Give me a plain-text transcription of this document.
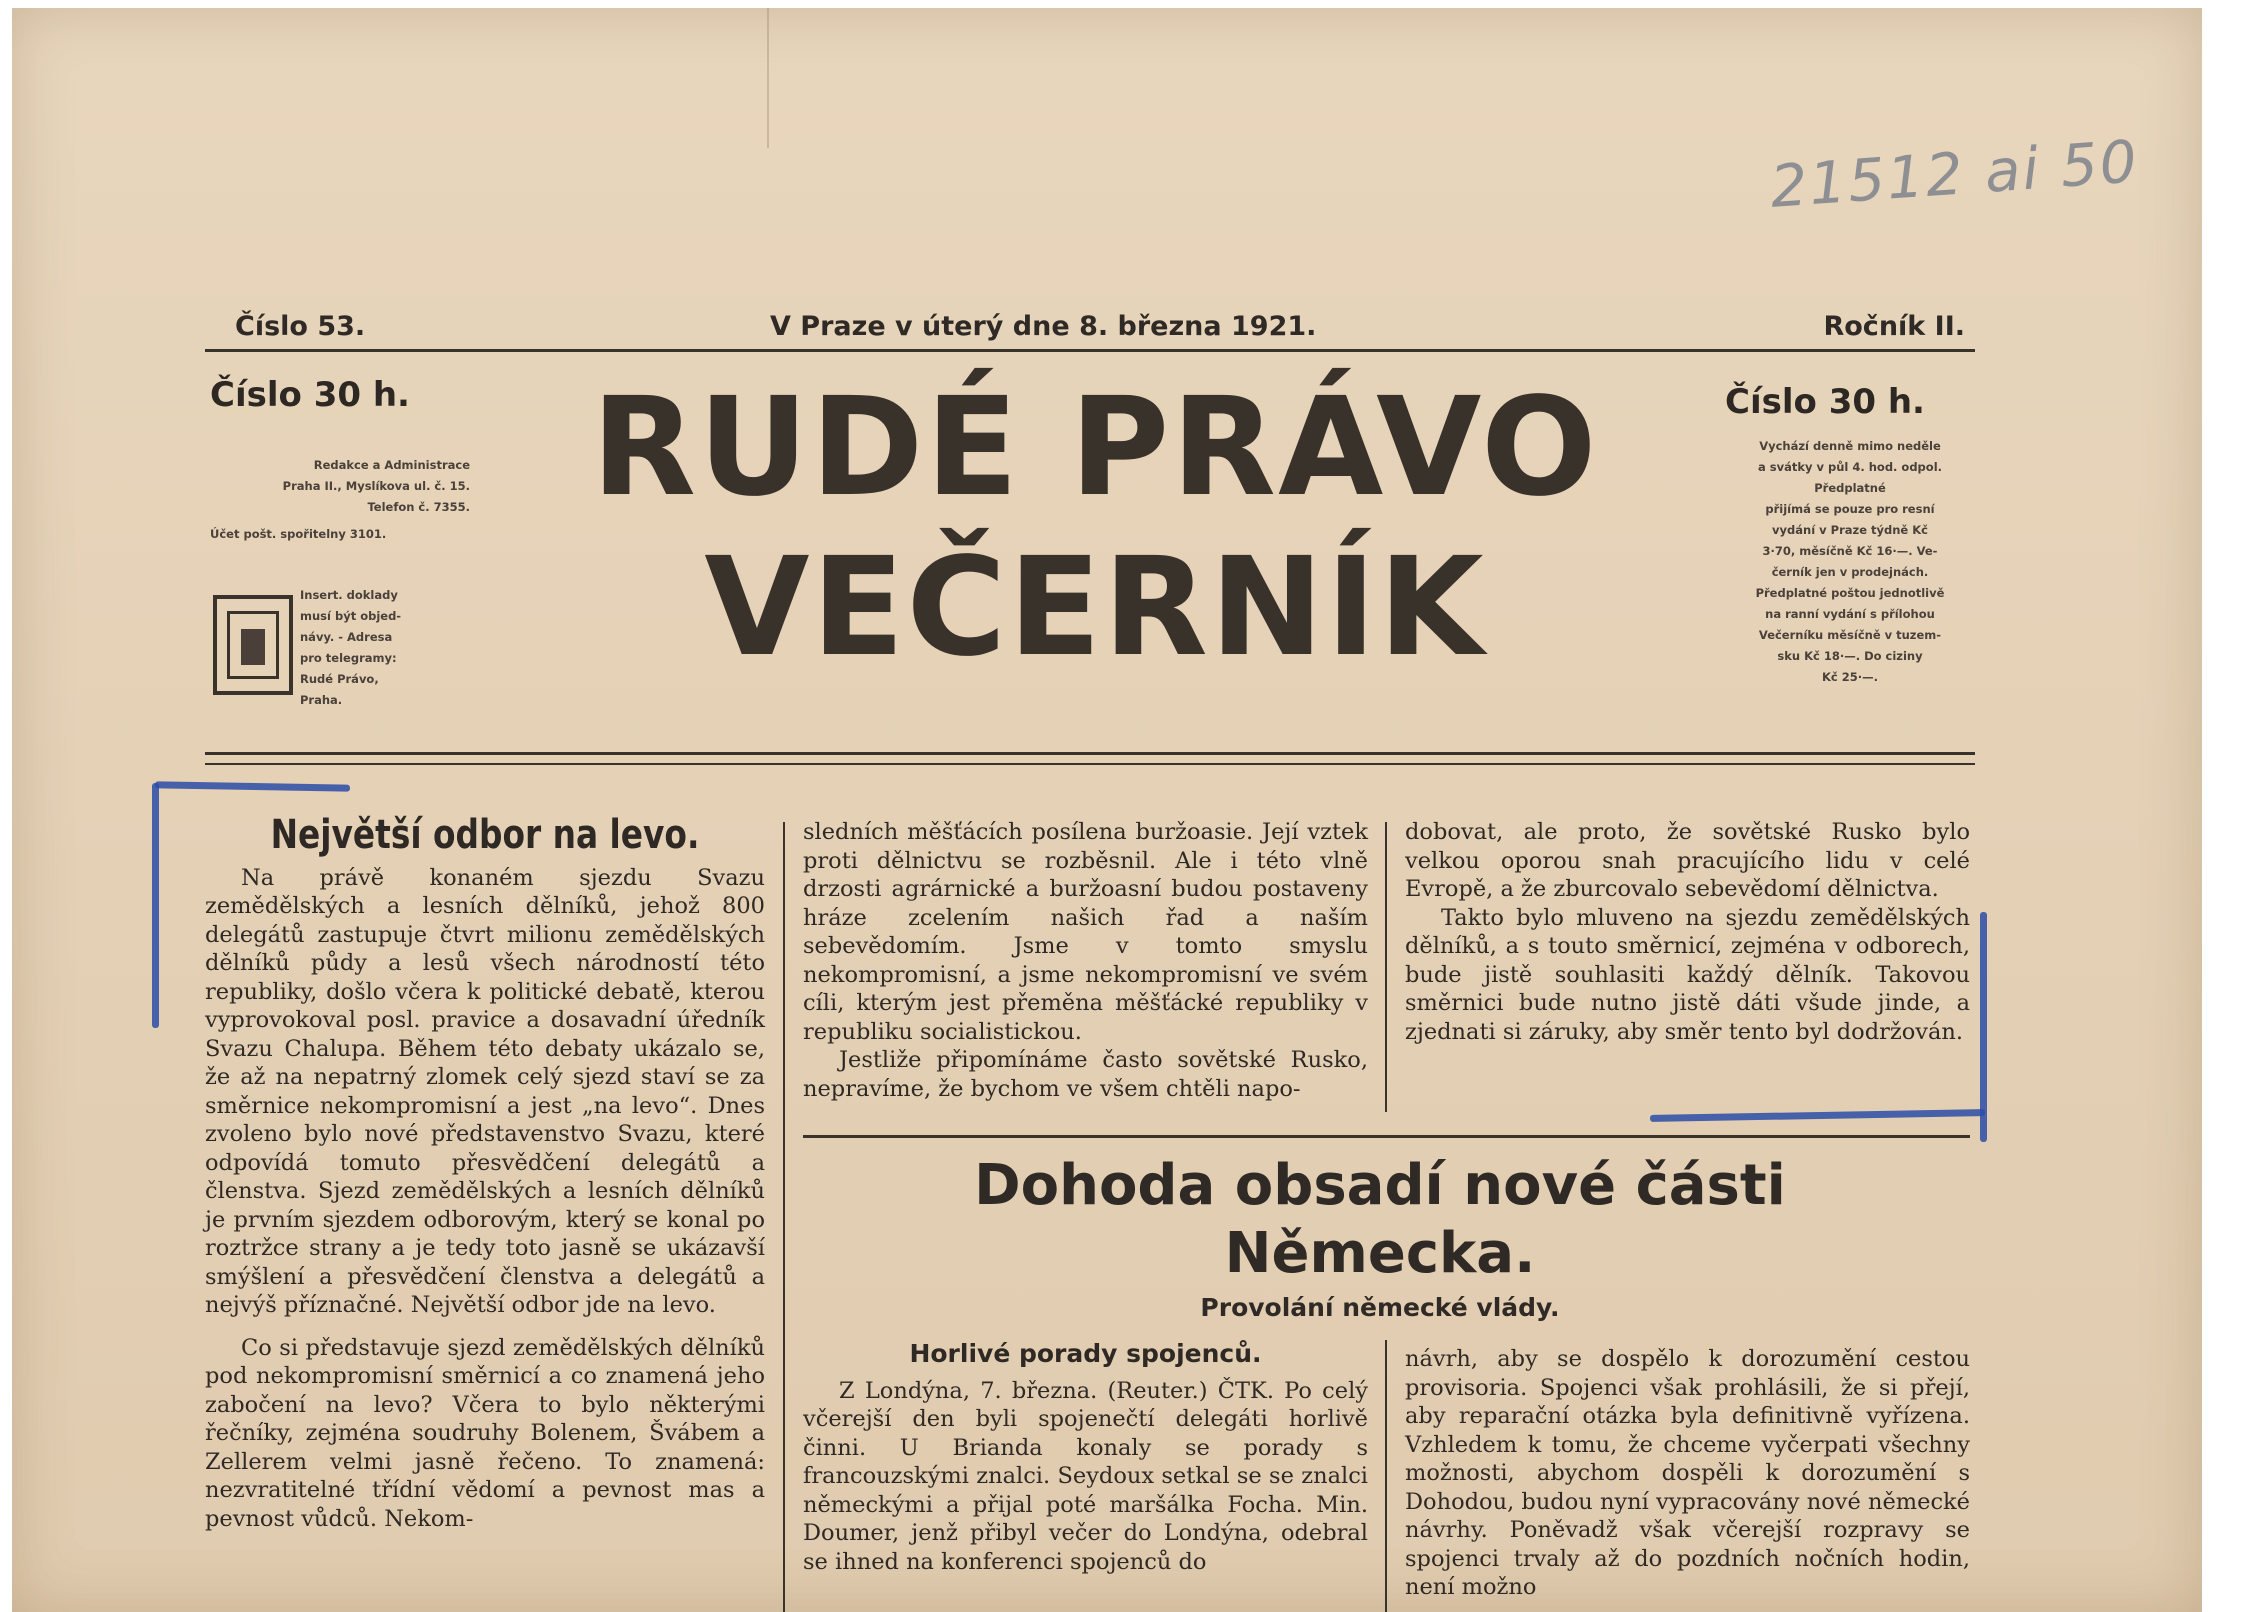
21512 ai 50
Číslo 53.	V Praze v úterý dne 8. března 1921.	Ročník II.
Číslo 30 h.
Redakce a Administrace
Praha II., Myslíkova ul. č. 15.
Telefon č. 7355.
Účet pošt. spořitelny 3101.
Insert. doklady
musí být objed-
návy. - Adresa
pro telegramy:
Rudé Právo,
Praha.
RUDÉ PRÁVO
VEČERNÍK
Číslo 30 h.
Vychází denně mimo neděle
a svátky v půl 4. hod. odpol.
Předplatné
přijímá se pouze pro resní
vydání v Praze týdně Kč
3·70, měsíčně Kč 16·—. Ve-
černík jen v prodejnách.
Předplatné poštou jednotlivě
na ranní vydání s přílohou
Večerníku měsíčně v tuzem-
sku Kč 18·—. Do ciziny
Kč 25·—.
Největší odbor na levo.

Na právě konaném sjezdu Svazu zemědělských a lesních dělníků, jehož 800 delegátů zastupuje čtvrt milionu zemědělských dělníků půdy a lesů všech národností této republiky, došlo včera k politické debatě, kterou vyprovokoval posl. pravice a dosavadní úředník Svazu Chalupa. Během této debaty ukázalo se, že až na nepatrný zlomek celý sjezd staví se za směrnice nekompromisní a jest „na levo“. Dnes zvoleno bylo nové představenstvo Svazu, které odpovídá tomuto přesvědčení delegátů a členstva. Sjezd zemědělských a lesních dělníků je prvním sjezdem odborovým, který se konal po roztržce strany a je tedy toto jasně se ukázavší smýšlení a přesvědčení členstva a delegátů a nejvýš příznačné. Největší odbor jde na levo.

Co si představuje sjezd zemědělských dělníků pod nekompromisní směrnicí a co znamená jeho zabočení na levo? Včera to bylo některými řečníky, zejména soudruhy Bolenem, Švábem a Zellerem velmi jasně řečeno. To znamená: nezvratitelné třídní vědomí a pevnost mas a pevnost vůdců. Nekom-

sledních měšťácích posílena buržoasie. Její vztek proti dělnictvu se rozběsnil. Ale i této vlně drzosti agrárnické a buržoasní budou postaveny hráze zcelením našich řad a naším sebevědomím. Jsme v tomto smyslu nekompromisní, a jsme nekompromisní ve svém cíli, kterým jest přeměna měšťácké republiky v republiku socialistickou.

Jestliže připomínáme často sovětské Rusko, nepravíme, že bychom ve všem chtěli napo-

dobovat, ale proto, že sovětské Rusko bylo velkou oporou snah pracujícího lidu v celé Evropě, a že zburcovalo sebevědomí dělnictva.

Takto bylo mluveno na sjezdu zemědělských dělníků, a s touto směrnicí, zejména v odborech, bude jistě souhlasiti každý dělník. Takovou směrnici bude nutno jistě dáti všude jinde, a zjednati si záruky, aby směr tento byl dodržován.

Dohoda obsadí nové části
Německa.
Provolání německé vlády.
Horlivé porady spojenců.

Z Londýna, 7. března. (Reuter.) ČTK. Po celý včerejší den byli spojenečtí delegáti horlivě činni. U Brianda konaly se porady s francouzskými znalci. Seydoux setkal se se znalci německými a přijal poté maršálka Focha. Min. Doumer, jenž přibyl večer do Londýna, odebral se ihned na konferenci spojenců do

návrh, aby se dospělo k dorozumění cestou provisoria. Spojenci však prohlásili, že si přejí, aby reparační otázka byla definitivně vyřízena. Vzhledem k tomu, že chceme vyčerpati všechny možnosti, abychom dospěli k dorozumění s Dohodou, budou nyní vypracovány nové německé návrhy. Poněvadž však včerejší rozpravy se spojenci trvaly až do pozdních nočních hodin, není možno
